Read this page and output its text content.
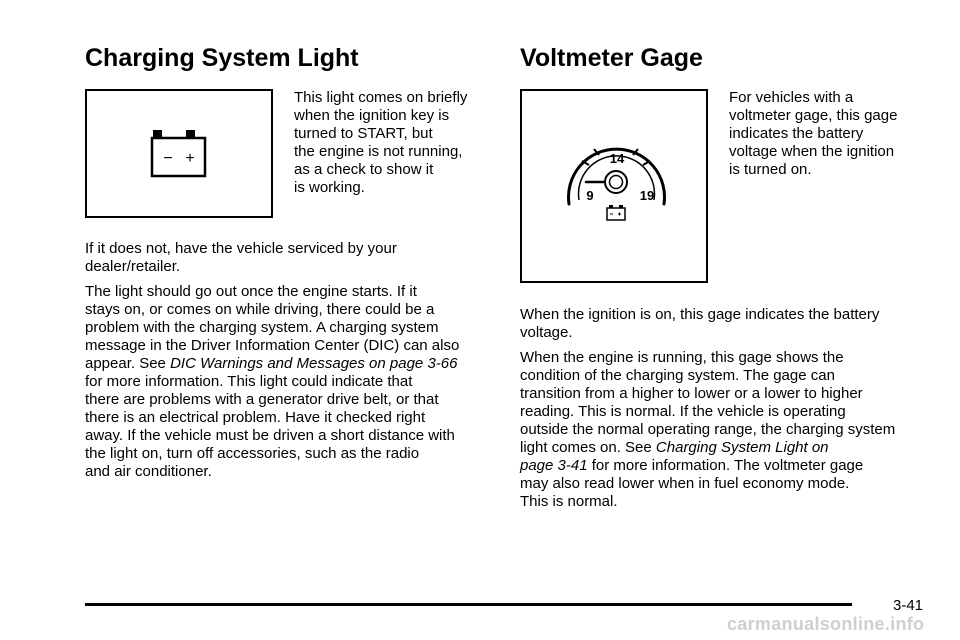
Charging System Light
− +
This light comes on briefly
when the ignition key is
turned to START, but
the engine is not running,
as a check to show it
is working.
If it does not, have the vehicle serviced by your
dealer/retailer.
The light should go out once the engine starts. If it
stays on, or comes on while driving, there could be a
problem with the charging system. A charging system
message in the Driver Information Center (DIC) can also
appear. See DIC Warnings and Messages on page 3-66
for more information. This light could indicate that
there are problems with a generator drive belt, or that
there is an electrical problem. Have it checked right
away. If the vehicle must be driven a short distance with
the light on, turn off accessories, such as the radio
and air conditioner.
Voltmeter Gage
14
9	19
For vehicles with a
voltmeter gage, this gage
indicates the battery
voltage when the ignition
is turned on.
When the ignition is on, this gage indicates the battery
voltage.
When the engine is running, this gage shows the
condition of the charging system. The gage can
transition from a higher to lower or a lower to higher
reading. This is normal. If the vehicle is operating
outside the normal operating range, the charging system
light comes on. See Charging System Light on
page 3-41 for more information. The voltmeter gage
may also read lower when in fuel economy mode.
This is normal.
3-41
carmanualsonline.info
